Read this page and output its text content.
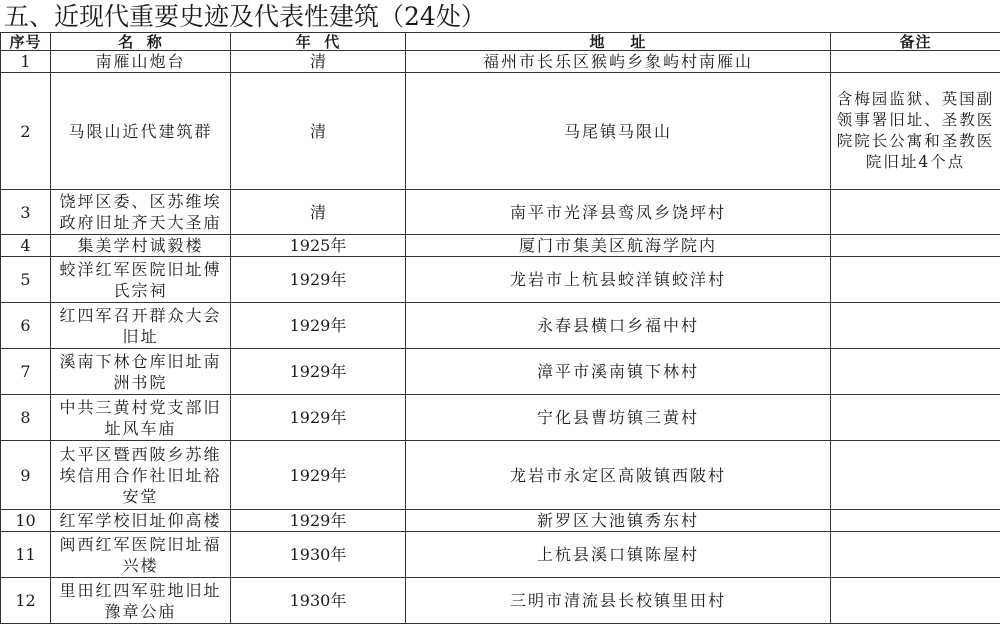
五、近现代重要史迹及代表性建筑（24处）
序号	名  称	年  代	地    址	备注
1	南雁山炮台	清	福州市长乐区猴屿乡象屿村南雁山	
2	马限山近代建筑群	清	马尾镇马限山	含梅园监狱、英国副领事署旧址、圣教医院院长公寓和圣教医院旧址4个点
3	饶坪区委、区苏维埃政府旧址齐天大圣庙	清	南平市光泽县鸾凤乡饶坪村	
4	集美学村诚毅楼	1925年	厦门市集美区航海学院内	
5	蛟洋红军医院旧址傅氏宗祠	1929年	龙岩市上杭县蛟洋镇蛟洋村	
6	红四军召开群众大会旧址	1929年	永春县横口乡福中村	
7	溪南下林仓库旧址南洲书院	1929年	漳平市溪南镇下林村	
8	中共三黄村党支部旧址风车庙	1929年	宁化县曹坊镇三黄村	
9	太平区暨西陂乡苏维埃信用合作社旧址裕安堂	1929年	龙岩市永定区高陂镇西陂村	
10	红军学校旧址仰高楼	1929年	新罗区大池镇秀东村	
11	闽西红军医院旧址福兴楼	1930年	上杭县溪口镇陈屋村	
12	里田红四军驻地旧址豫章公庙	1930年	三明市清流县长校镇里田村	
